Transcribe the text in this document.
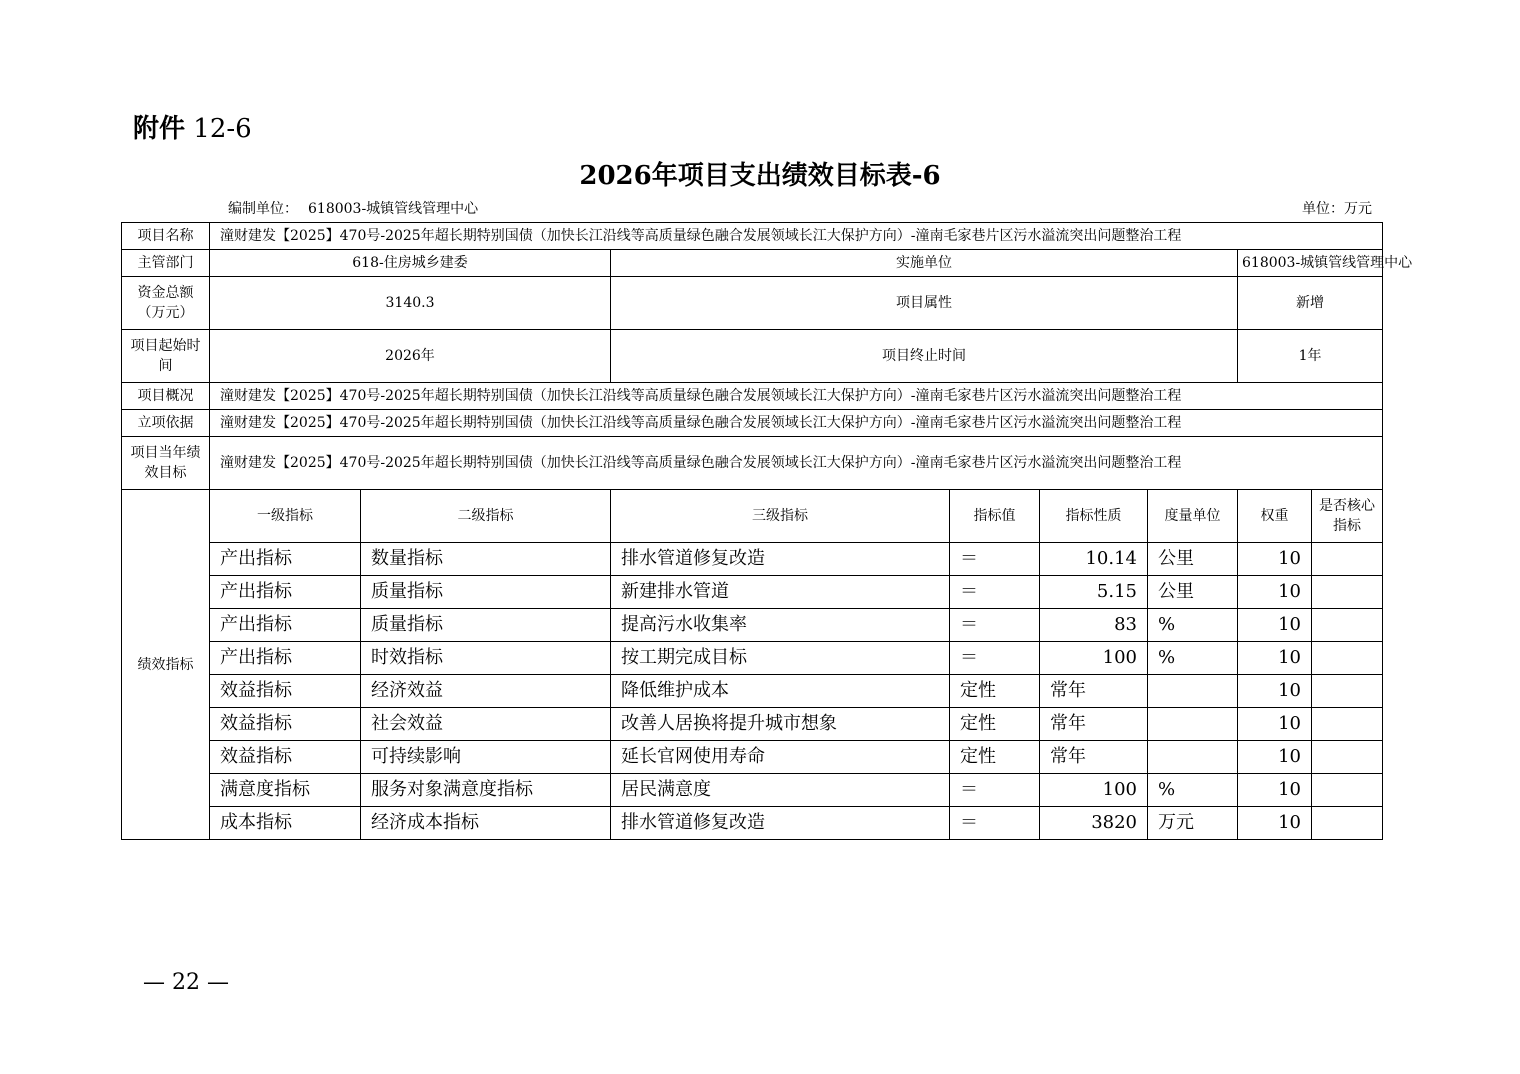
附件 12-6
2026年项目支出绩效目标表-6
编制单位： 618003-城镇管线管理中心	单位：万元
项目名称	潼财建发【2025】470号-2025年超长期特别国债（加快长江沿线等高质量绿色融合发展领域长江大保护方向）-潼南毛家巷片区污水溢流突出问题整治工程							
主管部门	618-住房城乡建委		实施单位				618003-城镇管线管理中心	
资金总额（万元）	3140.3		项目属性				新增	
项目起始时间	2026年		项目终止时间				1年	
项目概况	潼财建发【2025】470号-2025年超长期特别国债（加快长江沿线等高质量绿色融合发展领域长江大保护方向）-潼南毛家巷片区污水溢流突出问题整治工程							
立项依据	潼财建发【2025】470号-2025年超长期特别国债（加快长江沿线等高质量绿色融合发展领域长江大保护方向）-潼南毛家巷片区污水溢流突出问题整治工程							
项目当年绩效目标	潼财建发【2025】470号-2025年超长期特别国债（加快长江沿线等高质量绿色融合发展领域长江大保护方向）-潼南毛家巷片区污水溢流突出问题整治工程							
绩效指标	一级指标	二级指标	三级指标	指标值	指标性质	度量单位	权重	是否核心指标
	产出指标	数量指标	排水管道修复改造	＝	10.14	公里	10	
	产出指标	质量指标	新建排水管道	＝	5.15	公里	10	
	产出指标	质量指标	提高污水收集率	＝	83	%	10	
	产出指标	时效指标	按工期完成目标	＝	100	%	10	
	效益指标	经济效益	降低维护成本	定性	常年		10	
	效益指标	社会效益	改善人居换将提升城市想象	定性	常年		10	
	效益指标	可持续影响	延长官网使用寿命	定性	常年		10	
	满意度指标	服务对象满意度指标	居民满意度	＝	100	%	10	
	成本指标	经济成本指标	排水管道修复改造	＝	3820	万元	10	
— 22 —
